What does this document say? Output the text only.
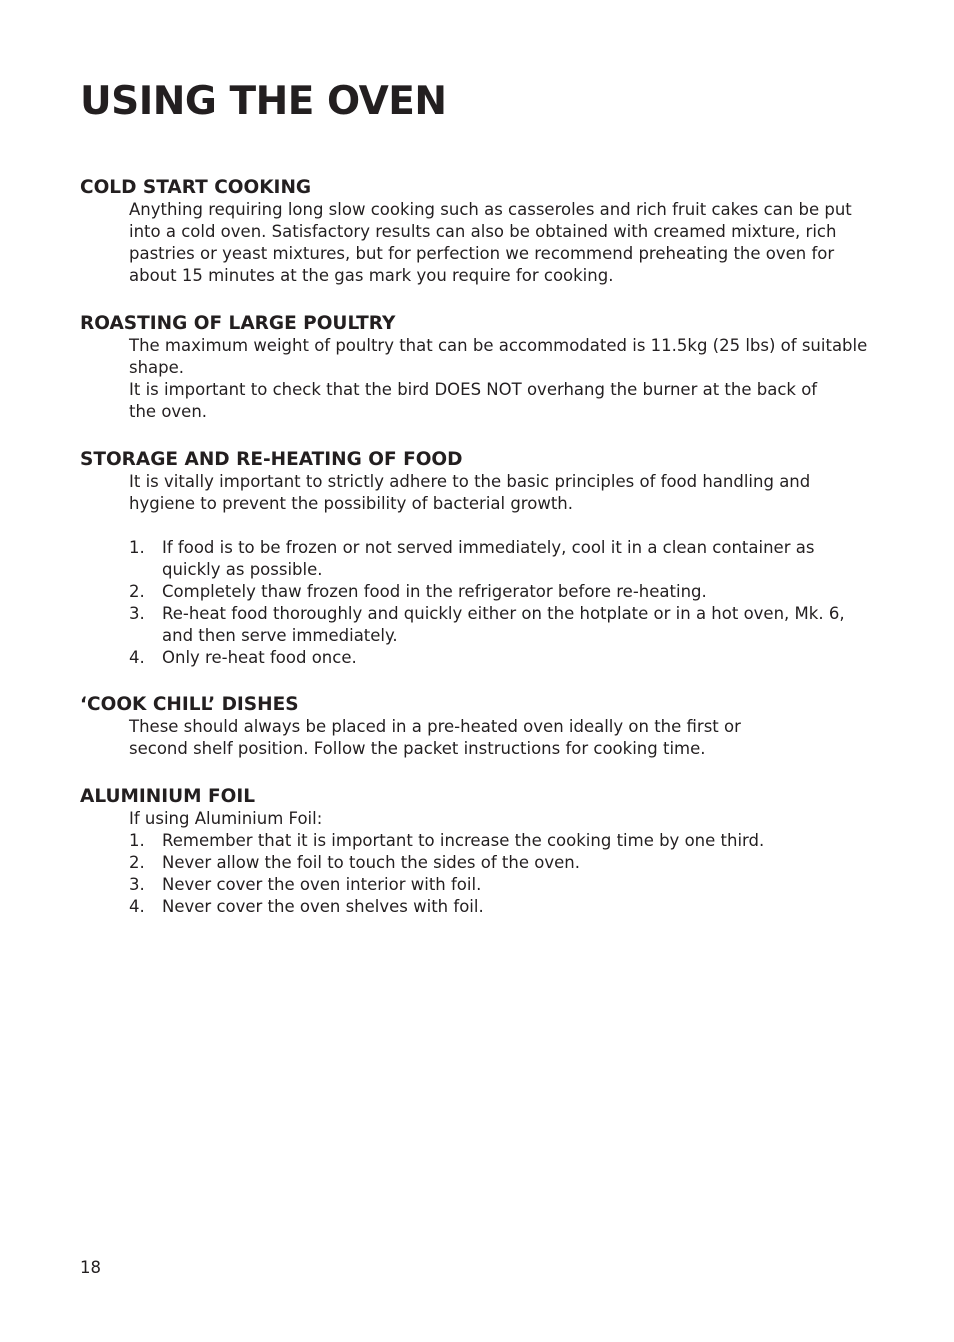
USING THE OVEN
COLD START COOKING

Anything requiring long slow cooking such as casseroles and rich fruit cakes can be put

into a cold oven. Satisfactory results can also be obtained with creamed mixture, rich

pastries or yeast mixtures, but for perfection we recommend preheating the oven for

about 15 minutes at the gas mark you require for cooking.

ROASTING OF LARGE POULTRY

The maximum weight of poultry that can be accommodated is 11.5kg (25 lbs) of suitable

shape.

It is important to check that the bird DOES NOT overhang the burner at the back of

the oven.

STORAGE AND RE-HEATING OF FOOD

It is vitally important to strictly adhere to the basic principles of food handling and

hygiene to prevent the possibility of bacterial growth.

1. If food is to be frozen or not served immediately, cool it in a clean container as

quickly as possible.

2. Completely thaw frozen food in the refrigerator before re-heating.

3. Re-heat food thoroughly and quickly either on the hotplate or in a hot oven, Mk. 6,

and then serve immediately.

4. Only re-heat food once.

‘COOK CHILL’ DISHES

These should always be placed in a pre-heated oven ideally on the first or

second shelf position. Follow the packet instructions for cooking time.

ALUMINIUM FOIL

If using Aluminium Foil:

1. Remember that it is important to increase the cooking time by one third.

2. Never allow the foil to touch the sides of the oven.

3. Never cover the oven interior with foil.

4. Never cover the oven shelves with foil.

18
